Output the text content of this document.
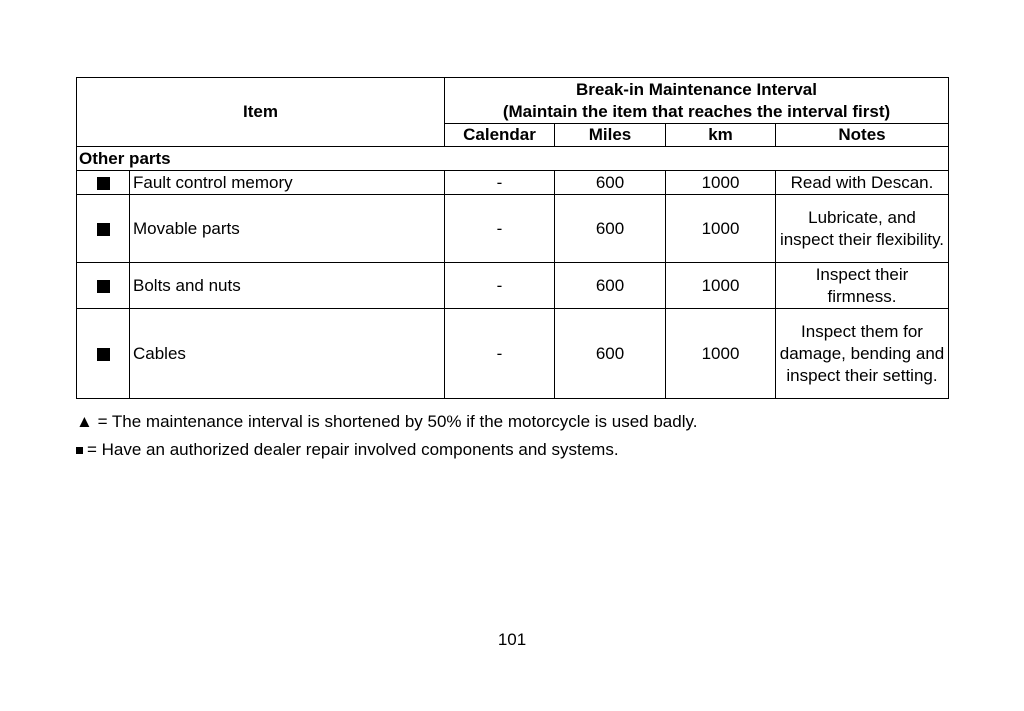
Item		Break-in Maintenance Interval
(Maintain the item that reaches the interval first)			

		Calendar	Miles	km	Notes
Other parts					
	Fault control memory	-	600	1000	Read with Descan.
	Movable parts	-	600	1000	Lubricate, and inspect their flexibility.
	Bolts and nuts	-	600	1000	Inspect their firmness.
	Cables	-	600	1000	Inspect them for damage, bending and inspect their setting.
▲ = The maintenance interval is shortened by 50% if the motorcycle is used badly.
= Have an authorized dealer repair involved components and systems.
101
